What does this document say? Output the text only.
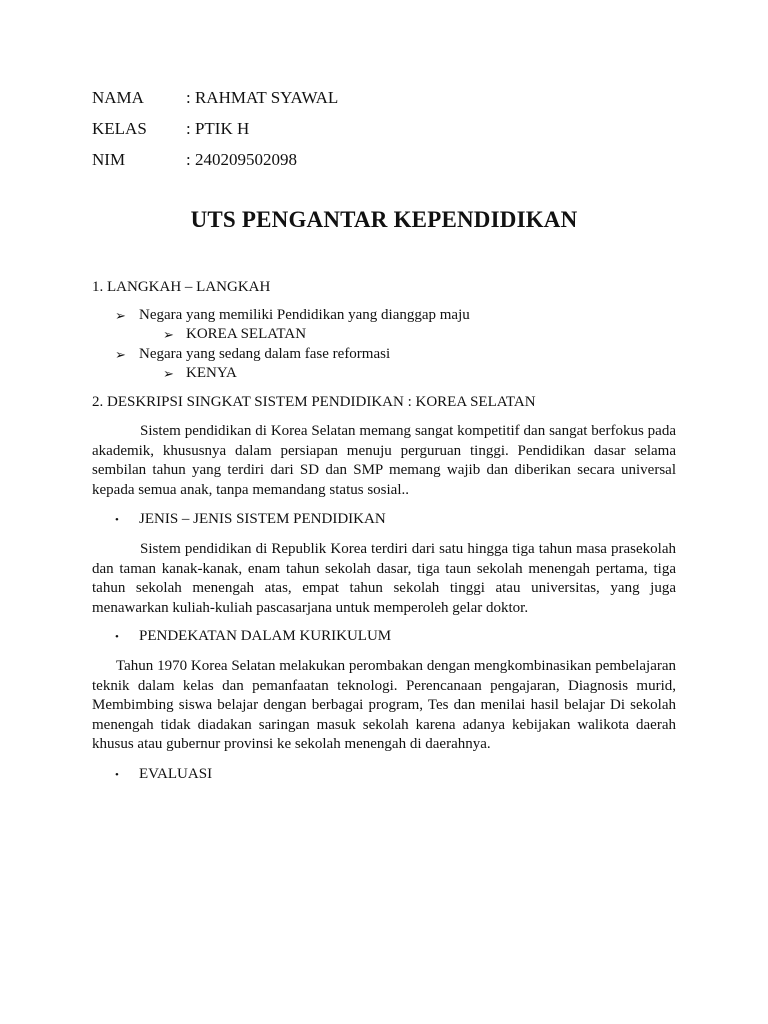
NAMA : RAHMAT SYAWAL
KELAS : PTIK H
NIM	: 240209502098
UTS PENGANTAR KEPENDIDIKAN
1. LANGKAH – LANGKAH
➢ Negara yang memiliki Pendidikan yang dianggap maju
➢ KOREA SELATAN
➢ Negara yang sedang dalam fase reformasi
➢ KENYA
2. DESKRIPSI SINGKAT SISTEM PENDIDIKAN : KOREA SELATAN
Sistem pendidikan di Korea Selatan memang sangat kompetitif dan sangat berfokus pada akademik, khususnya dalam persiapan menuju perguruan tinggi. Pendidikan dasar selama sembilan tahun yang terdiri dari SD dan SMP memang wajib dan diberikan secara universal kepada semua anak, tanpa memandang status sosial..
• JENIS – JENIS SISTEM PENDIDIKAN
Sistem pendidikan di Republik Korea terdiri dari satu hingga tiga tahun masa prasekolah dan taman kanak-kanak, enam tahun sekolah dasar, tiga taun sekolah menengah pertama, tiga tahun sekolah menengah atas, empat tahun sekolah tinggi atau universitas, yang juga menawarkan kuliah-kuliah pascasarjana untuk memperoleh gelar doktor.
• PENDEKATAN DALAM KURIKULUM
Tahun 1970 Korea Selatan melakukan perombakan dengan mengkombinasikan pembelajaran teknik dalam kelas dan pemanfaatan teknologi. Perencanaan pengajaran, Diagnosis murid, Membimbing siswa belajar dengan berbagai program, Tes dan menilai hasil belajar Di sekolah menengah tidak diadakan saringan masuk sekolah karena adanya kebijakan walikota daerah khusus atau gubernur provinsi ke sekolah menengah di daerahnya.
• EVALUASI
